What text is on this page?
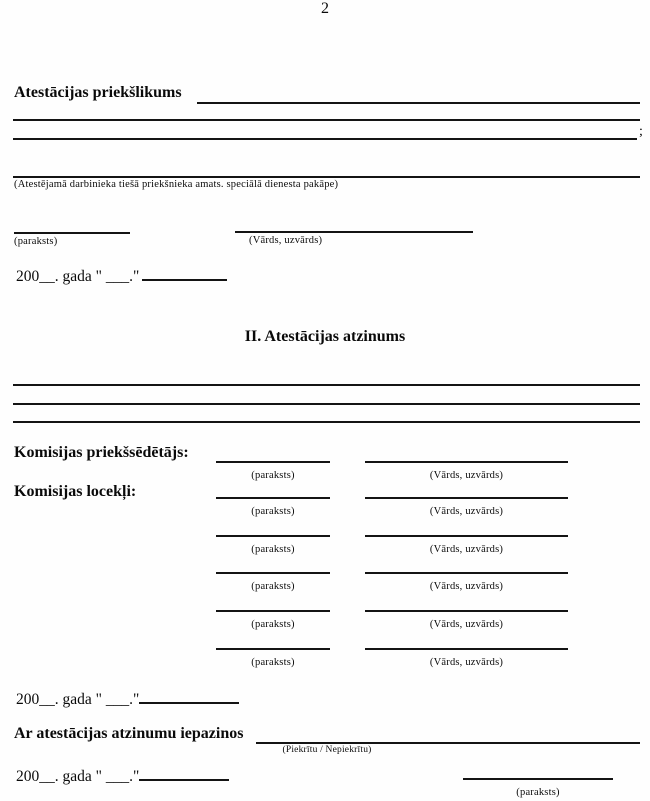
2
Atestācijas priekšlikums
;
(Atestējamā darbinieka tiešā priekšnieka amats. speciālā dienesta pakāpe)
(paraksts)	(Vārds, uzvārds)
200__. gada " ___."
II. Atestācijas atzinums
Komisijas priekšsēdētājs:
(paraksts)	(Vārds, uzvārds)
Komisijas locekļi:
(paraksts)	(Vārds, uzvārds)
(paraksts)	(Vārds, uzvārds)
(paraksts)	(Vārds, uzvārds)
(paraksts)	(Vārds, uzvārds)
(paraksts)	(Vārds, uzvārds)
200__. gada " ___."
Ar atestācijas atzinumu iepazinos
(Piekrītu / Nepiekrītu)
200__. gada " ___."
(paraksts)
